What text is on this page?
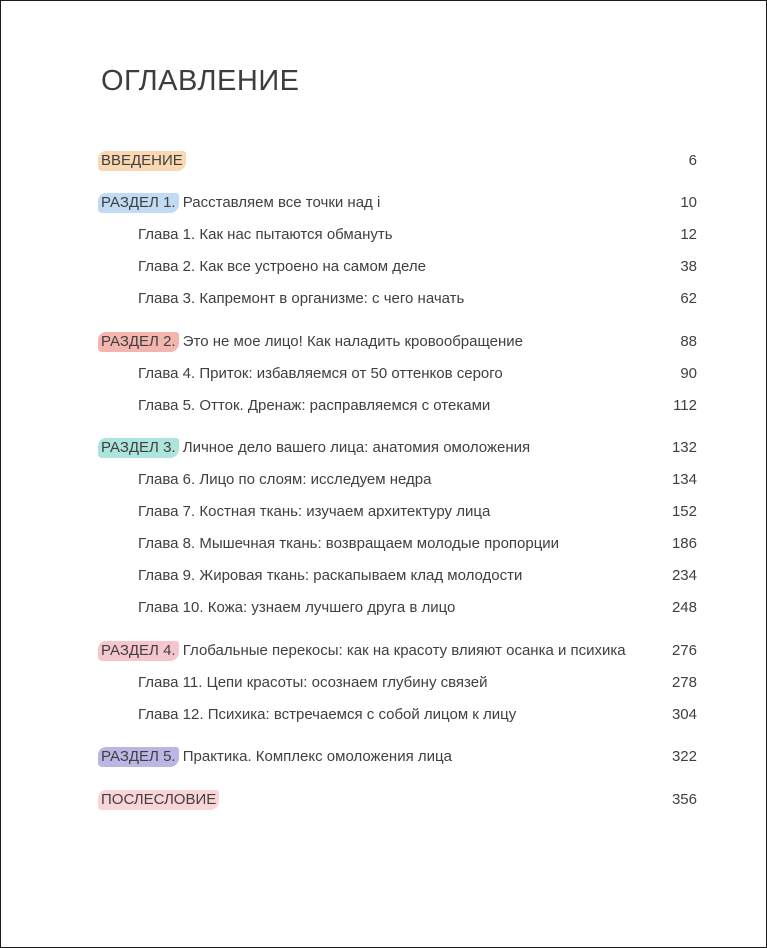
ОГЛАВЛЕНИЕ
ВВЕДЕНИЕ	6
РАЗДЕЛ 1. Расставляем все точки над i	10
Глава 1. Как нас пытаются обмануть	12
Глава 2. Как все устроено на самом деле	38
Глава 3. Капремонт в организме: с чего начать	62
РАЗДЕЛ 2. Это не мое лицо! Как наладить кровообращение	88
Глава 4. Приток: избавляемся от 50 оттенков серого	90
Глава 5. Отток. Дренаж: расправляемся с отеками	112
РАЗДЕЛ 3. Личное дело вашего лица: анатомия омоложения	132
Глава 6. Лицо по слоям: исследуем недра	134
Глава 7. Костная ткань: изучаем архитектуру лица	152
Глава 8. Мышечная ткань: возвращаем молодые пропорции	186
Глава 9. Жировая ткань: раскапываем клад молодости	234
Глава 10. Кожа: узнаем лучшего друга в лицо	248
РАЗДЕЛ 4. Глобальные перекосы: как на красоту влияют осанка и психика	276
Глава 11. Цепи красоты: осознаем глубину связей	278
Глава 12. Психика: встречаемся с собой лицом к лицу	304
РАЗДЕЛ 5. Практика. Комплекс омоложения лица	322
ПОСЛЕСЛОВИЕ	356
